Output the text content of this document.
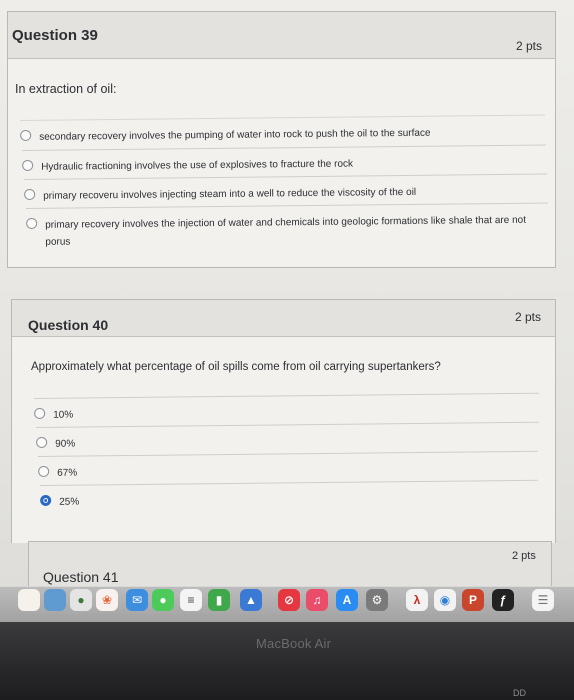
Question 39
2 pts
In extraction of oil:
secondary recovery involves the pumping of water into rock to push the oil to the surface
Hydraulic fractioning involves the use of explosives to fracture the rock
primary recoveru involves injecting steam into a well to reduce the viscosity of the oil
primary recovery involves the injection of water and chemicals into geologic formations like shale that are not porus
Question 40	2 pts
Approximately what percentage of oil spills come from oil carrying supertankers?
10%
90%
67%
25%
Question 41
2 pts
●	❀	✉	●	≡	▮	▲	⊘	♫	A	⚙	λ	◉	P	ƒ	☰
MacBook Air
DD
